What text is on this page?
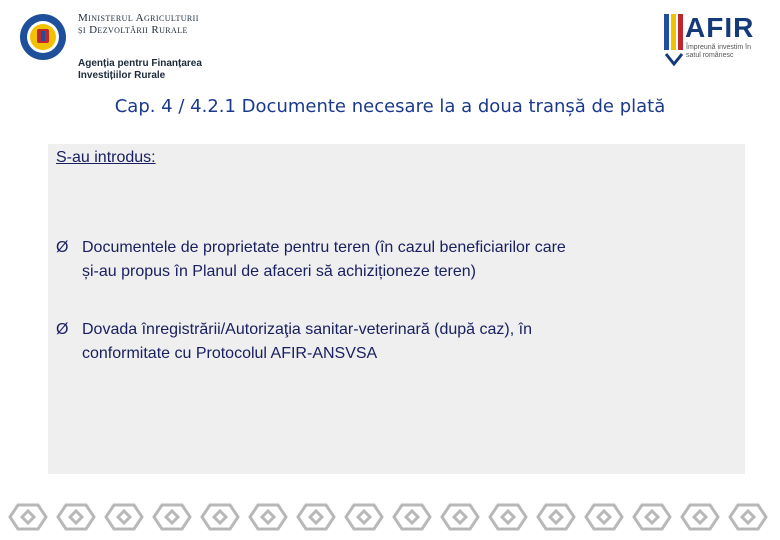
Ministerul Agriculturii
și Dezvoltării Rurale
Agenția pentru Finanțarea
Investițiilor Rurale
AFIR
Împreună investim în satul românesc
Cap. 4 / 4.2.1 Documente necesare la a doua tranșă de plată
S-au introdus:
Ø Documentele de proprietate pentru teren (în cazul beneficiarilor care
și-au propus în Planul de afaceri să achiziționeze teren)
Ø Dovada înregistrării/Autorizaţia sanitar-veterinară (după caz), în
conformitate cu Protocolul AFIR-ANSVSA
